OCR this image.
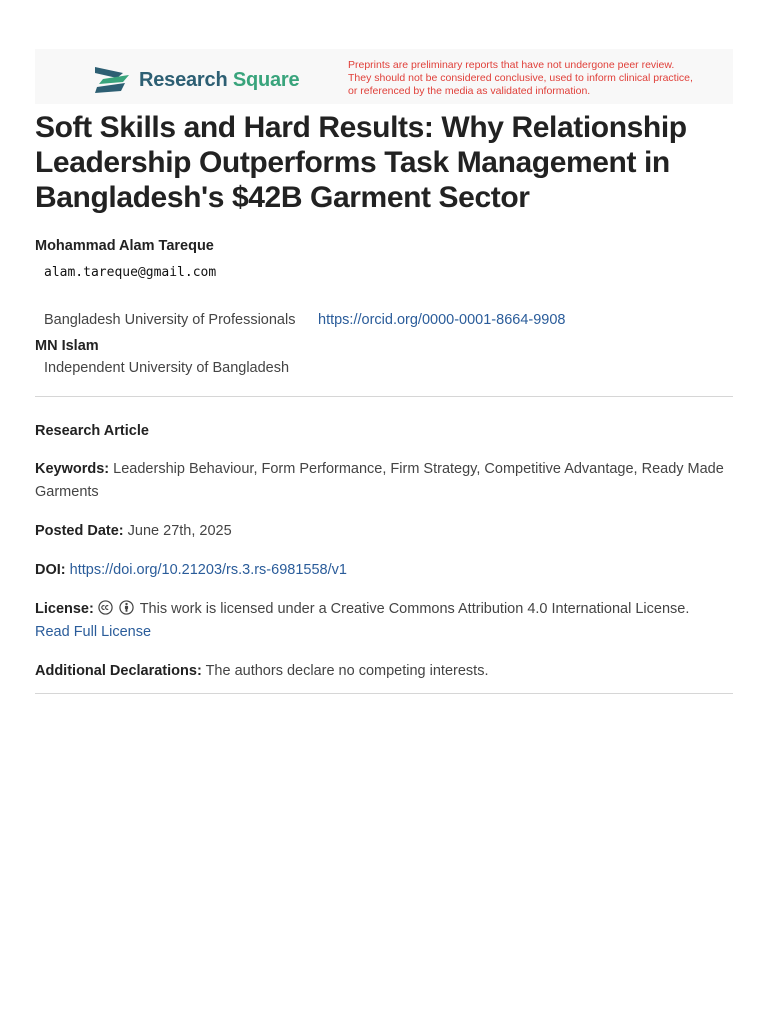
Research Square
Preprints are preliminary reports that have not undergone peer review.
They should not be considered conclusive, used to inform clinical practice,
or referenced by the media as validated information.
Soft Skills and Hard Results: Why Relationship
Leadership Outperforms Task Management in
Bangladesh's $42B Garment Sector
Mohammad Alam Tareque
alam.tareque@gmail.com
Bangladesh University of Professionals https://orcid.org/0000-0001-8664-9908
MN Islam
Independent University of Bangladesh
Research Article
Keywords: Leadership Behaviour, Form Performance, Firm Strategy, Competitive Advantage, Ready Made Garments
Posted Date: June 27th, 2025
DOI: https://doi.org/10.21203/rs.3.rs-6981558/v1
License:	This work is licensed under a Creative Commons Attribution 4.0 International License.
Read Full License
Additional Declarations: The authors declare no competing interests.
